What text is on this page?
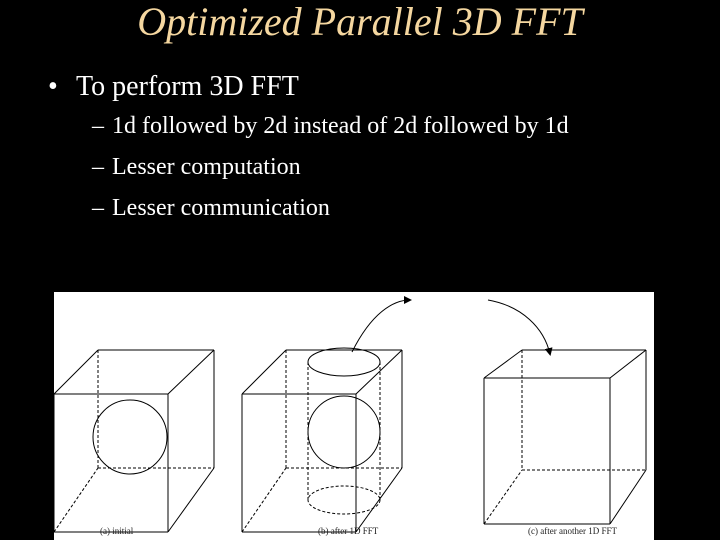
Optimized Parallel 3D FFT
• To perform 3D FFT
– 1d followed by 2d instead of 2d followed by 1d
– Lesser computation
– Lesser communication
(a) initial	(b) after 1D FFT	(c) after another 1D FFT
